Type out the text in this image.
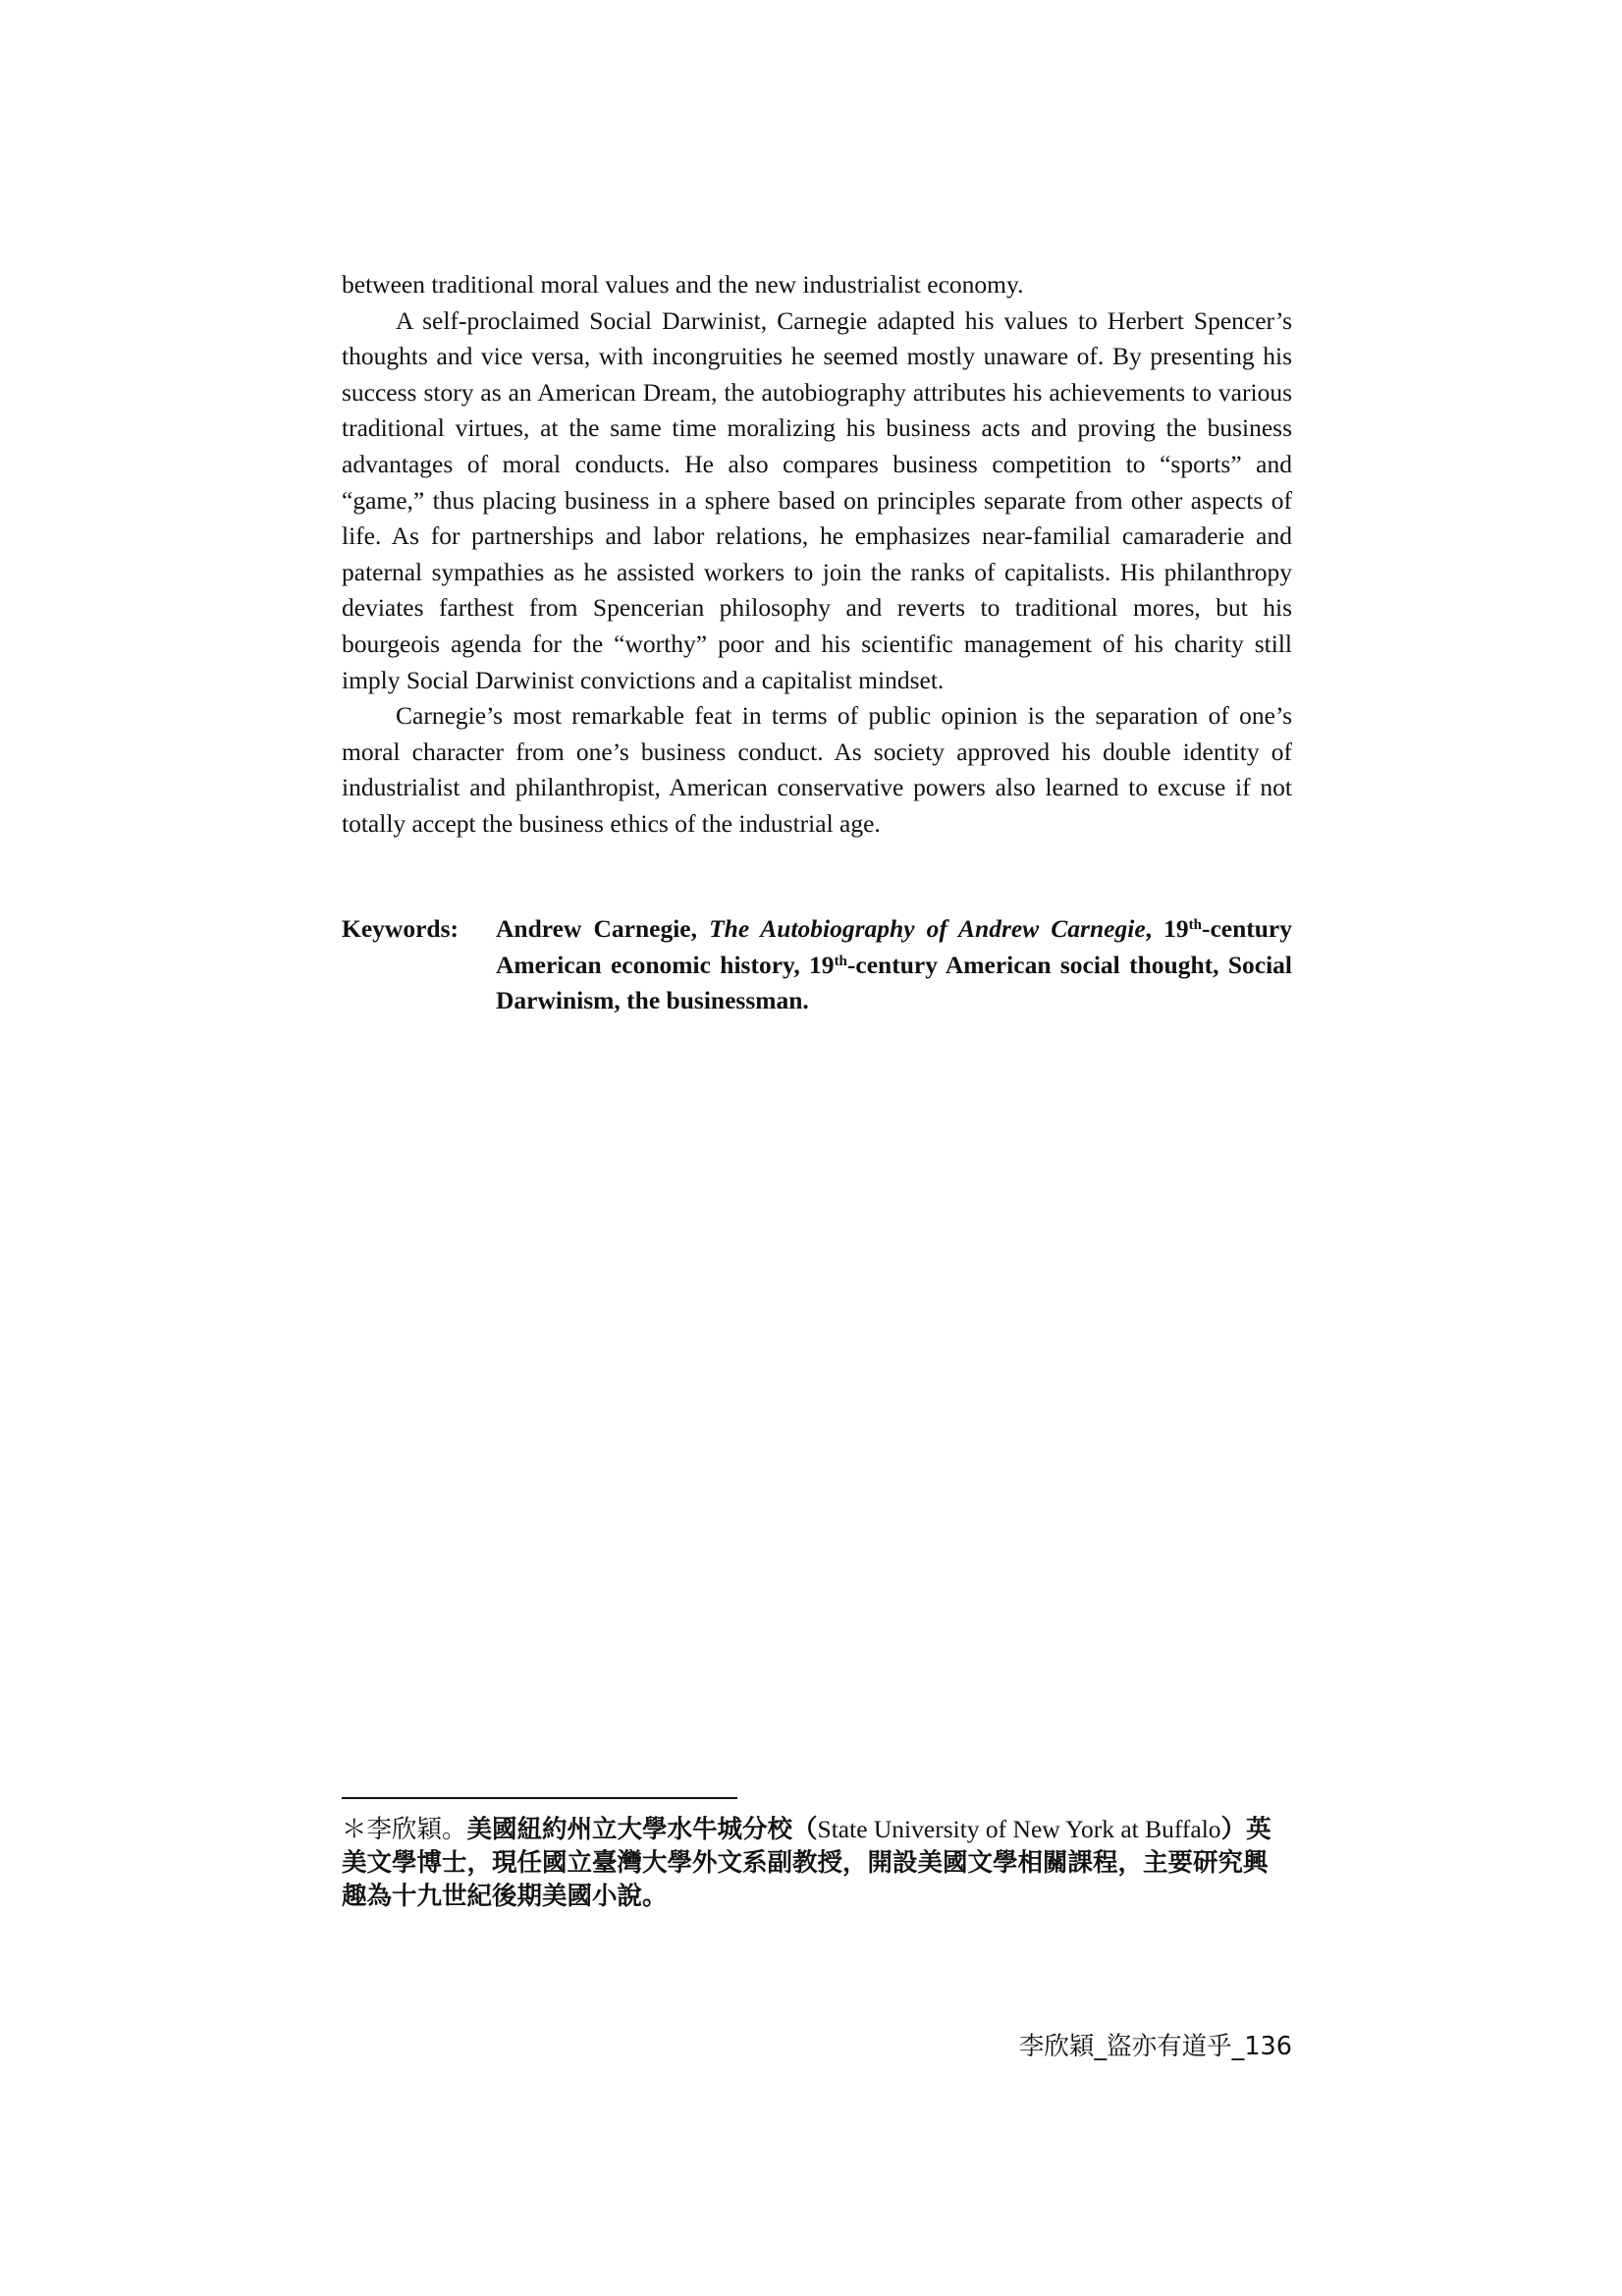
between traditional moral values and the new industrialist economy.

A self-proclaimed Social Darwinist, Carnegie adapted his values to Herbert Spencer’s thoughts and vice versa, with incongruities he seemed mostly unaware of. By presenting his success story as an American Dream, the autobiography attributes his achievements to various traditional virtues, at the same time moralizing his business acts and proving the business advantages of moral conducts. He also compares business competition to “sports” and “game,” thus placing business in a sphere based on principles separate from other aspects of life. As for partnerships and labor relations, he emphasizes near-familial camaraderie and paternal sympathies as he assisted workers to join the ranks of capitalists. His philanthropy deviates farthest from Spencerian philosophy and reverts to traditional mores, but his bourgeois agenda for the “worthy” poor and his scientific management of his charity still imply Social Darwinist convictions and a capitalist mindset.

Carnegie’s most remarkable feat in terms of public opinion is the separation of one’s moral character from one’s business conduct. As society approved his double identity of industrialist and philanthropist, American conservative powers also learned to excuse if not totally accept the business ethics of the industrial age.

Keywords:	Andrew Carnegie, The Autobiography of Andrew Carnegie, 19th-century American economic history, 19th-century American social thought, Social Darwinism, the businessman.
＊李欣穎。美國紐約州立大學水牛城分校（State University of New York at Buffalo）英美文學博士，現任國立臺灣大學外文系副教授，開設美國文學相關課程，主要研究興趣為十九世紀後期美國小說。
李欣穎_盜亦有道乎_136
